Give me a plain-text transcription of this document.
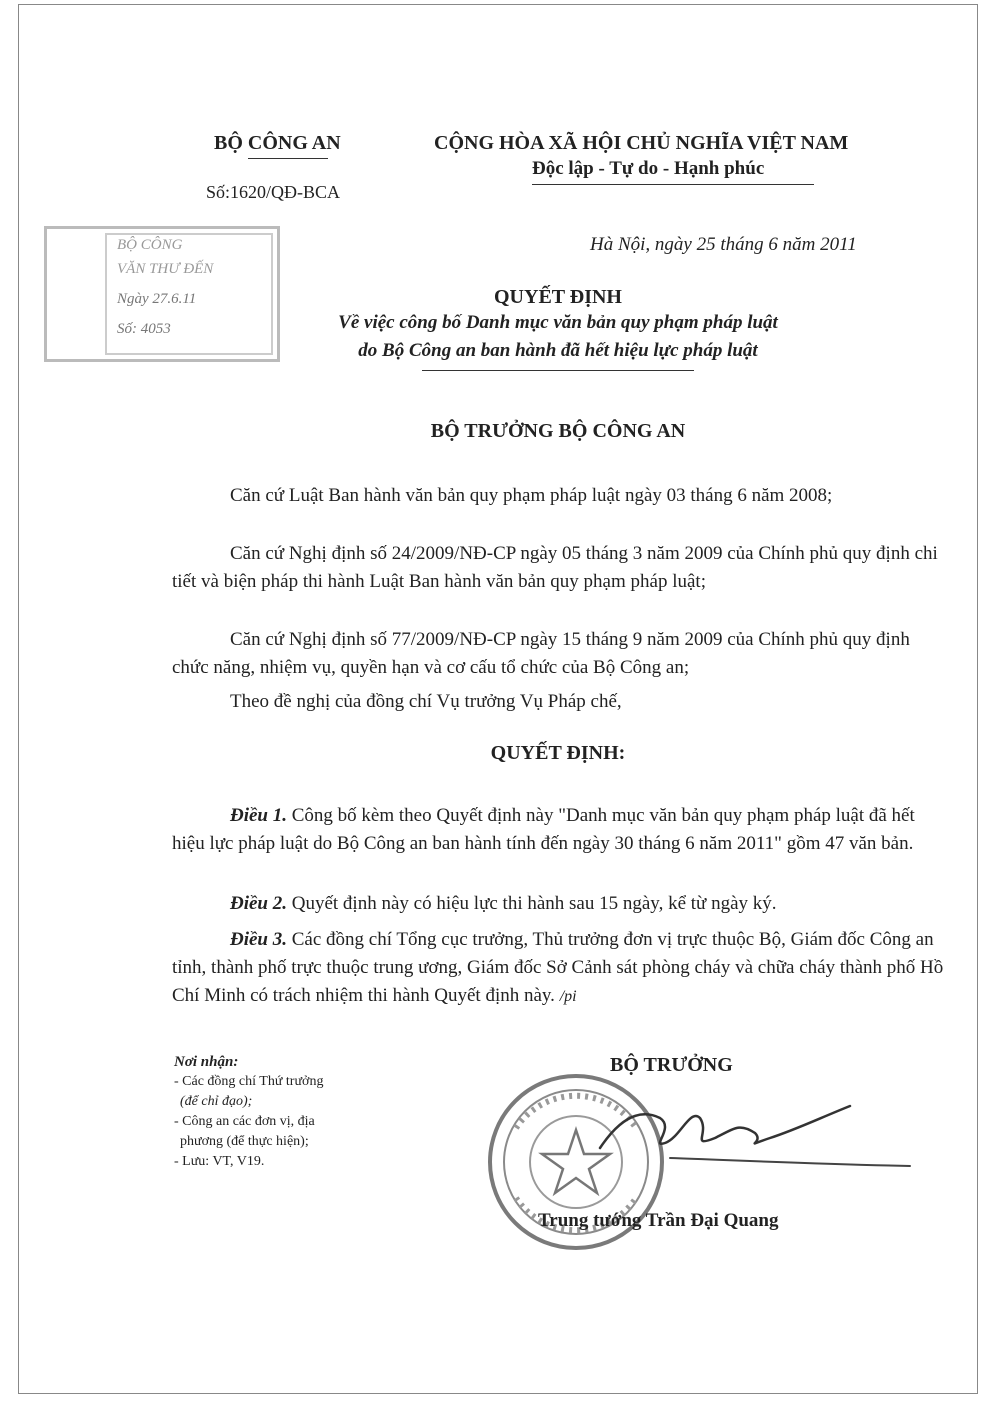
BỘ CÔNG AN
Số:1620/QĐ-BCA
CỘNG HÒA XÃ HỘI CHỦ NGHĨA VIỆT NAM
Độc lập - Tự do - Hạnh phúc
Hà Nội, ngày 25 tháng 6 năm 2011
BỘ CÔNG
VĂN THƯ ĐẾN
Ngày 27.6.11
Số: 4053
QUYẾT ĐỊNH
Về việc công bố Danh mục văn bản quy phạm pháp luật
do Bộ Công an ban hành đã hết hiệu lực pháp luật
BỘ TRƯỞNG BỘ CÔNG AN
Căn cứ Luật Ban hành văn bản quy phạm pháp luật ngày 03 tháng 6 năm 2008;
Căn cứ Nghị định số 24/2009/NĐ-CP ngày 05 tháng 3 năm 2009 của Chính phủ quy định chi tiết và biện pháp thi hành Luật Ban hành văn bản quy phạm pháp luật;
Căn cứ Nghị định số 77/2009/NĐ-CP ngày 15 tháng 9 năm 2009 của Chính phủ quy định chức năng, nhiệm vụ, quyền hạn và cơ cấu tổ chức của Bộ Công an;
Theo đề nghị của đồng chí Vụ trưởng Vụ Pháp chế,
QUYẾT ĐỊNH:
Điều 1. Công bố kèm theo Quyết định này "Danh mục văn bản quy phạm pháp luật đã hết hiệu lực pháp luật do Bộ Công an ban hành tính đến ngày 30 tháng 6 năm 2011" gồm 47 văn bản.
Điều 2. Quyết định này có hiệu lực thi hành sau 15 ngày, kể từ ngày ký.
Điều 3. Các đồng chí Tổng cục trưởng, Thủ trưởng đơn vị trực thuộc Bộ, Giám đốc Công an tỉnh, thành phố trực thuộc trung ương, Giám đốc Sở Cảnh sát phòng cháy và chữa cháy thành phố Hồ Chí Minh có trách nhiệm thi hành Quyết định này. /pi
Nơi nhận:
- Các đồng chí Thứ trưởng
(để chỉ đạo);
- Công an các đơn vị, địa
phương (để thực hiện);
- Lưu: VT, V19.
BỘ TRƯỞNG
Trung tướng Trần Đại Quang
